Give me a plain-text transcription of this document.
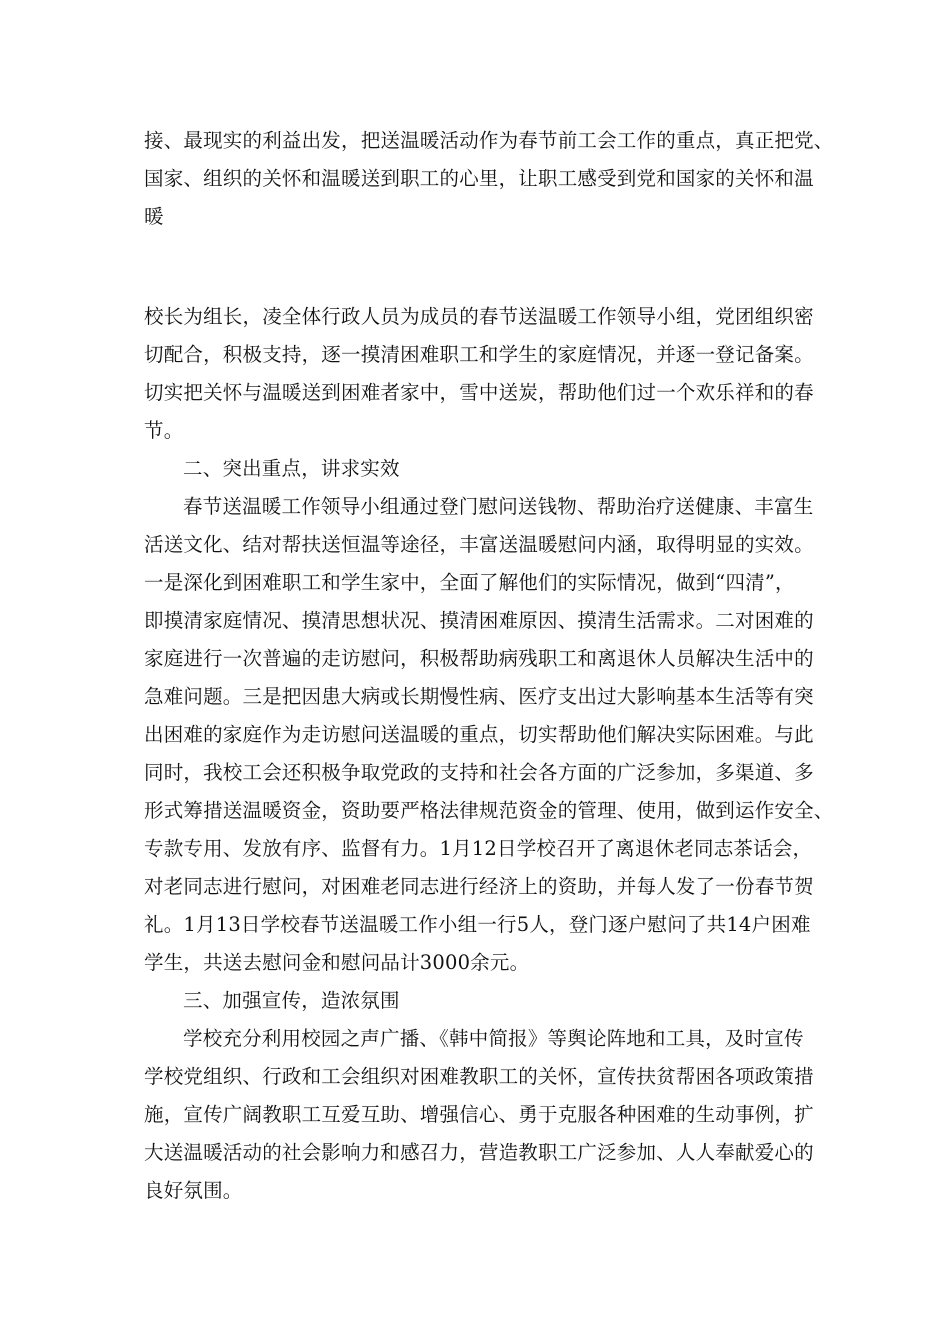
接、最现实的利益出发，把送温暖活动作为春节前工会工作的重点，真正把党、
国家、组织的关怀和温暖送到职工的心里，让职工感受到党和国家的关怀和温
暖
校长为组长，凌全体行政人员为成员的春节送温暖工作领导小组，党团组织密
切配合，积极支持，逐一摸清困难职工和学生的家庭情况，并逐一登记备案。
切实把关怀与温暖送到困难者家中，雪中送炭，帮助他们过一个欢乐祥和的春
节。
二、突出重点，讲求实效
春节送温暖工作领导小组通过登门慰问送钱物、帮助治疗送健康、丰富生
活送文化、结对帮扶送恒温等途径，丰富送温暖慰问内涵，取得明显的实效。
一是深化到困难职工和学生家中，全面了解他们的实际情况，做到“四清”，
即摸清家庭情况、摸清思想状况、摸清困难原因、摸清生活需求。二对困难的
家庭进行一次普遍的走访慰问，积极帮助病残职工和离退休人员解决生活中的
急难问题。三是把因患大病或长期慢性病、医疗支出过大影响基本生活等有突
出困难的家庭作为走访慰问送温暖的重点，切实帮助他们解决实际困难。与此
同时，我校工会还积极争取党政的支持和社会各方面的广泛参加，多渠道、多
形式筹措送温暖资金，资助要严格法律规范资金的管理、使用，做到运作安全、
专款专用、发放有序、监督有力。1月12日学校召开了离退休老同志茶话会，
对老同志进行慰问，对困难老同志进行经济上的资助，并每人发了一份春节贺
礼。1月13日学校春节送温暖工作小组一行5人，登门逐户慰问了共14户困难
学生，共送去慰问金和慰问品计3000余元。
三、加强宣传，造浓氛围
学校充分利用校园之声广播、《韩中简报》等舆论阵地和工具，及时宣传
学校党组织、行政和工会组织对困难教职工的关怀，宣传扶贫帮困各项政策措
施，宣传广阔教职工互爱互助、增强信心、勇于克服各种困难的生动事例，扩
大送温暖活动的社会影响力和感召力，营造教职工广泛参加、人人奉献爱心的
良好氛围。
